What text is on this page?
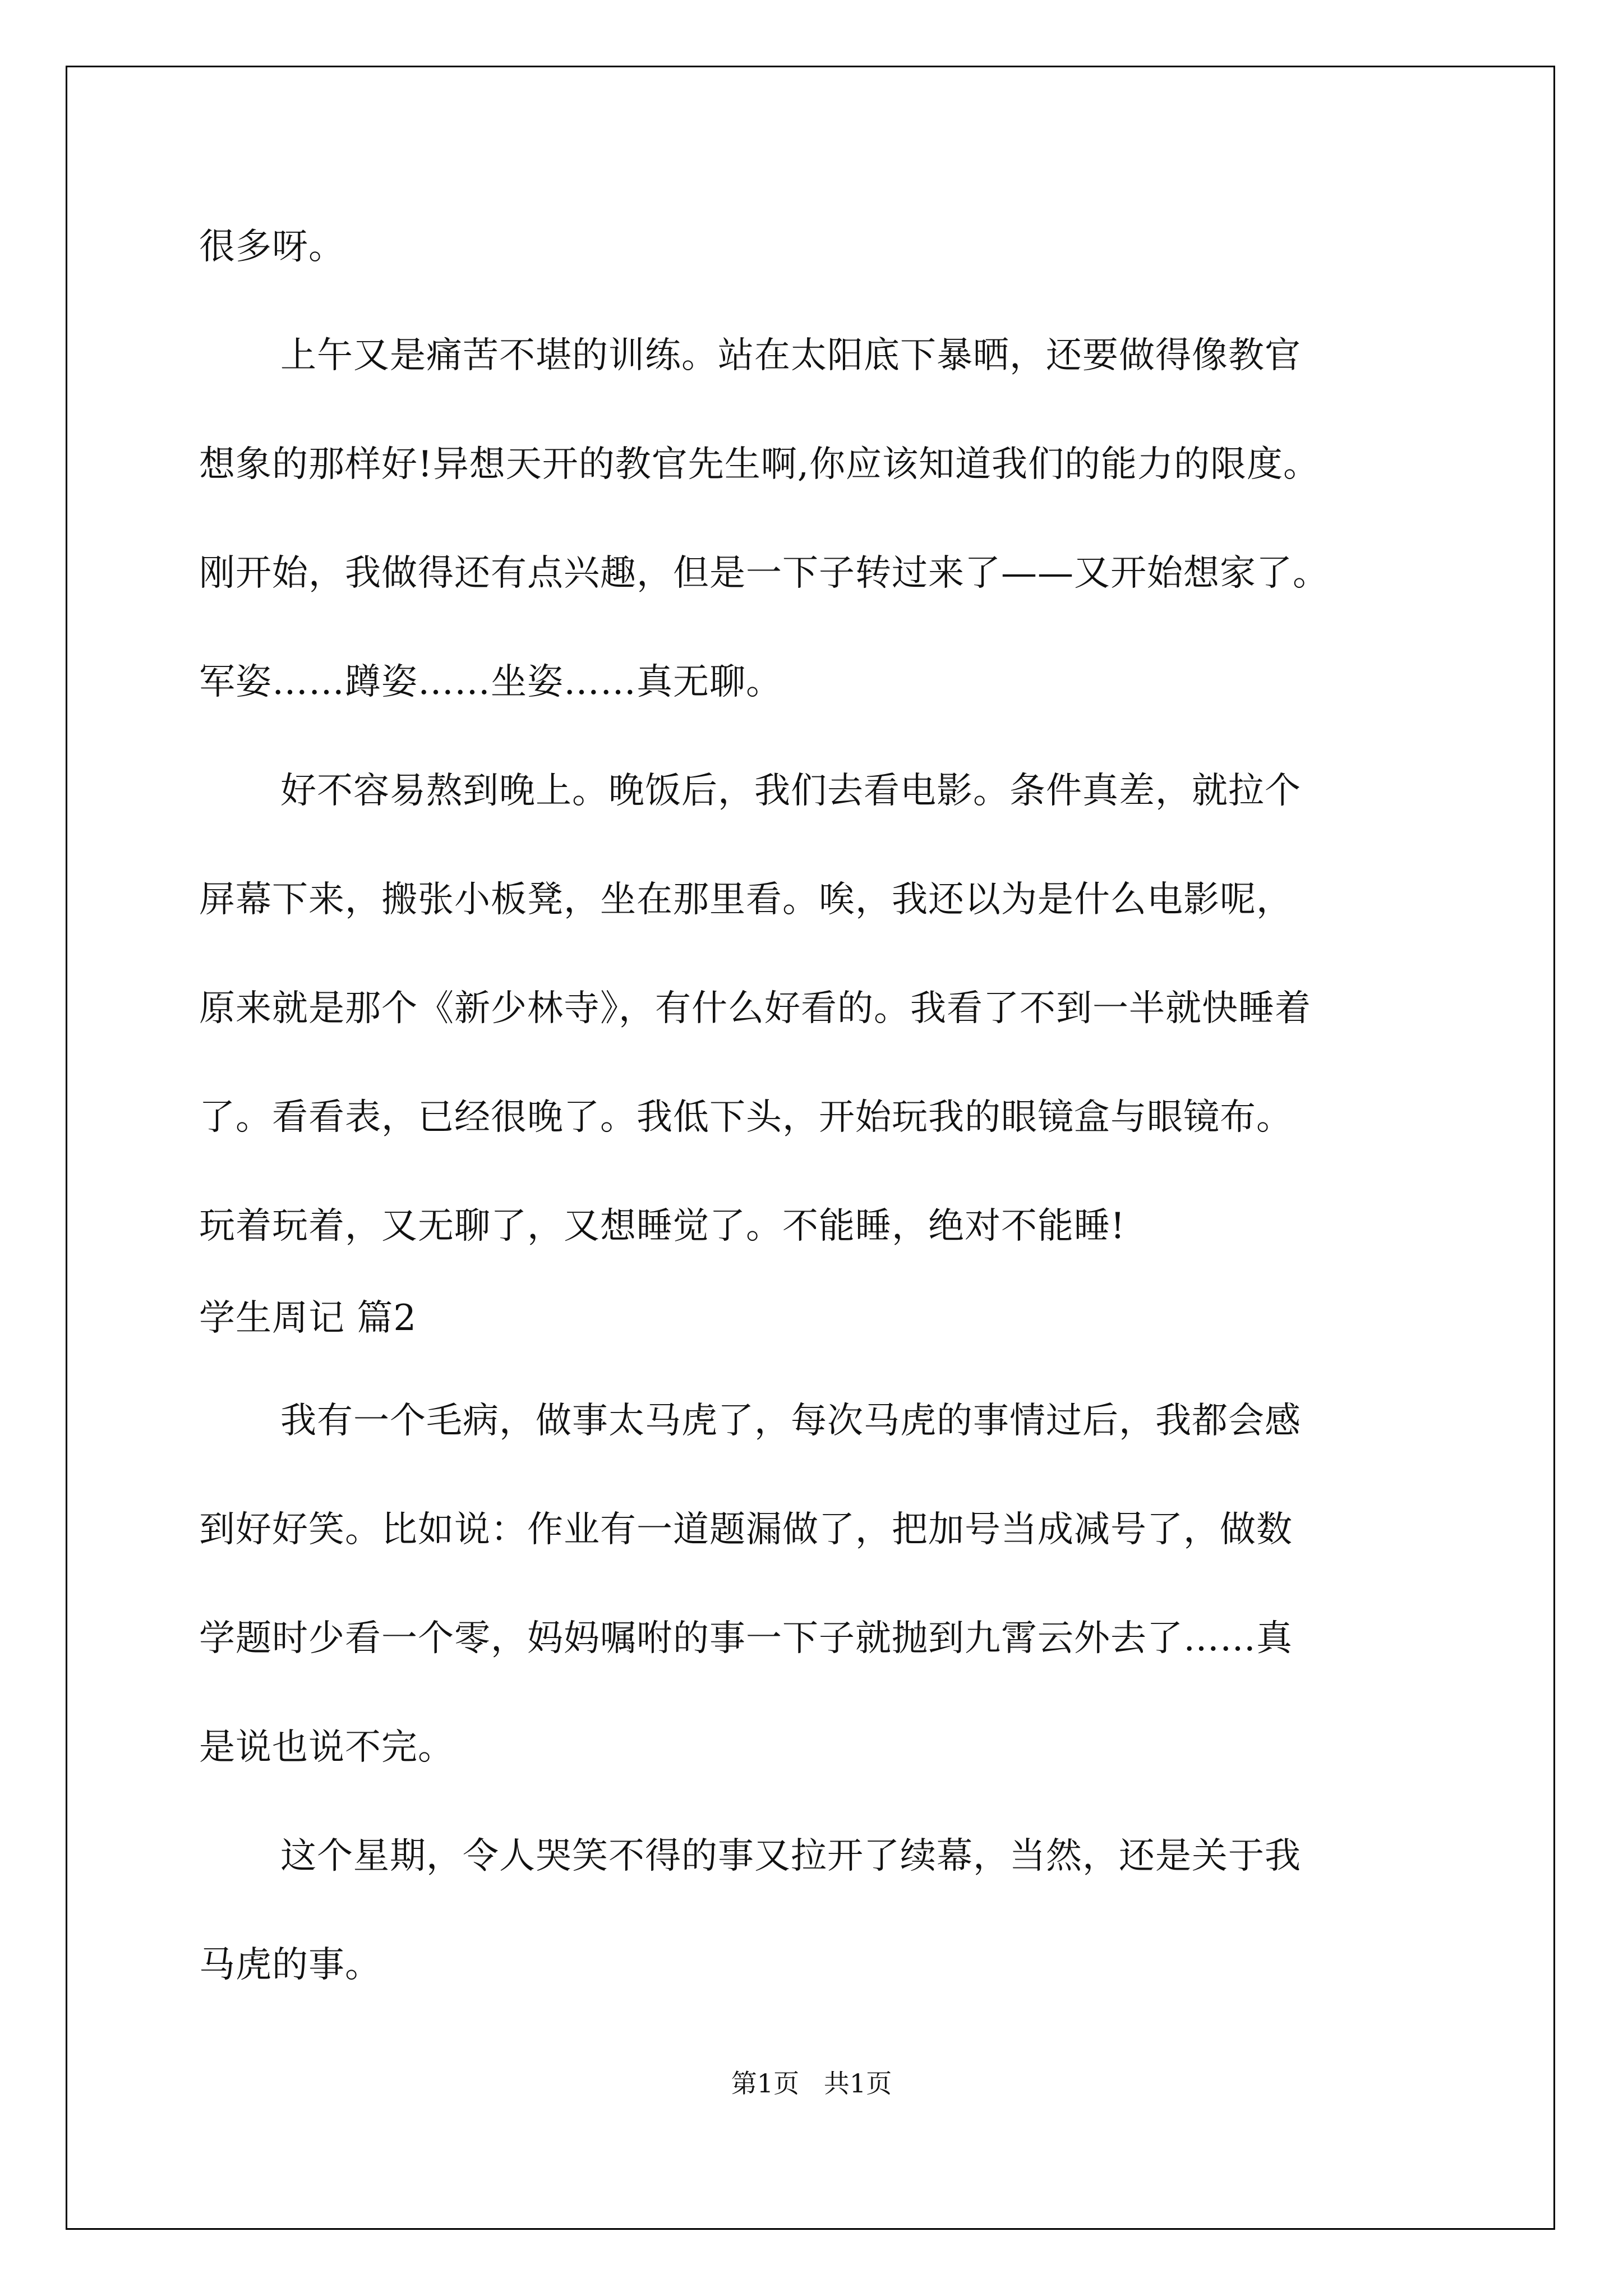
很多呀。
上午又是痛苦不堪的训练。站在太阳底下暴晒，还要做得像教官
想象的那样好!异想天开的教官先生啊,你应该知道我们的能力的限度。
刚开始，我做得还有点兴趣，但是一下子转过来了——又开始想家了。
军姿……蹲姿……坐姿……真无聊。
好不容易熬到晚上。晚饭后，我们去看电影。条件真差，就拉个
屏幕下来，搬张小板凳，坐在那里看。唉，我还以为是什么电影呢，
原来就是那个《新少林寺》，有什么好看的。我看了不到一半就快睡着
了。看看表，已经很晚了。我低下头，开始玩我的眼镜盒与眼镜布。
玩着玩着，又无聊了，又想睡觉了。不能睡，绝对不能睡!
学生周记 篇2
我有一个毛病，做事太马虎了，每次马虎的事情过后，我都会感
到好好笑。比如说：作业有一道题漏做了，把加号当成减号了，做数
学题时少看一个零，妈妈嘱咐的事一下子就抛到九霄云外去了……真
是说也说不完。
这个星期，令人哭笑不得的事又拉开了续幕，当然，还是关于我
马虎的事。
第1页   共1页
